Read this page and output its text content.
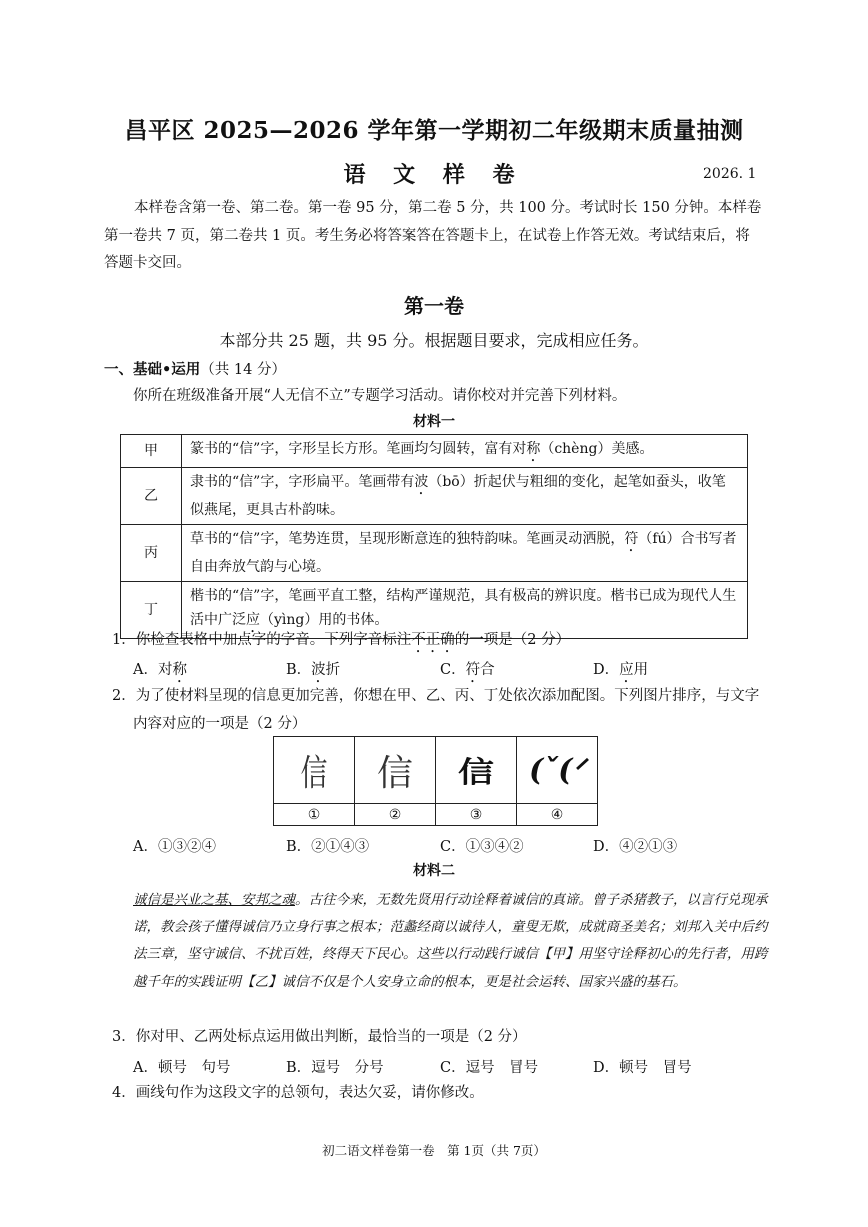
昌平区 2025—2026 学年第一学期初二年级期末质量抽测
语 文 样 卷	2026. 1
本样卷含第一卷、第二卷。第一卷 95 分，第二卷 5 分，共 100 分。考试时长 150 分钟。本样卷第一卷共 7 页，第二卷共 1 页。考生务必将答案答在答题卡上，在试卷上作答无效。考试结束后，将答题卡交回。
第一卷
本部分共 25 题，共 95 分。根据题目要求，完成相应任务。
一、基础•运用（共 14 分）
你所在班级准备开展“人无信不立”专题学习活动。请你校对并完善下列材料。
材料一
甲	篆书的“信”字，字形呈长方形。笔画均匀圆转，富有对称（chèng）美感。
乙	隶书的“信”字，字形扁平。笔画带有波（bō）折起伏与粗细的变化，起笔如蚕头，收笔似燕尾，更具古朴韵味。
丙	草书的“信”字，笔势连贯，呈现形断意连的独特韵味。笔画灵动洒脱，符（fú）合书写者自由奔放气韵与心境。
丁	楷书的“信”字，笔画平直工整，结构严谨规范，具有极高的辨识度。楷书已成为现代人生活中广泛应（yìng）用的书体。
1．你检查表格中加点字的字音。下列字音标注不正确的一项是（2 分）
A．对称	B．波折	C．符合	D．应用
2．为了使材料呈现的信息更加完善，你想在甲、乙、丙、丁处依次添加配图。下列图片排序，与文字内容对应的一项是（2 分）
信	信	信	(ˇ(ᐟ

①	②	③	④
A．①③②④	B．②①④③	C．①③④②	D．④②①③
材料二
诚信是兴业之基、安邦之魂。古往今来，无数先贤用行动诠释着诚信的真谛。曾子杀猪教子，以言行兑现承诺，教会孩子懂得诚信乃立身行事之根本；范蠡经商以诚待人，童叟无欺，成就商圣美名；刘邦入关中后约法三章，坚守诚信、不扰百姓，终得天下民心。这些以行动践行诚信【甲】用坚守诠释初心的先行者，用跨越千年的实践证明【乙】诚信不仅是个人安身立命的根本，更是社会运转、国家兴盛的基石。
3．你对甲、乙两处标点运用做出判断，最恰当的一项是（2 分）
A．顿号　句号	B．逗号　分号	C．逗号　冒号	D．顿号　冒号
4．画线句作为这段文字的总领句，表达欠妥，请你修改。
初二语文样卷第一卷　第 1页（共 7页）
